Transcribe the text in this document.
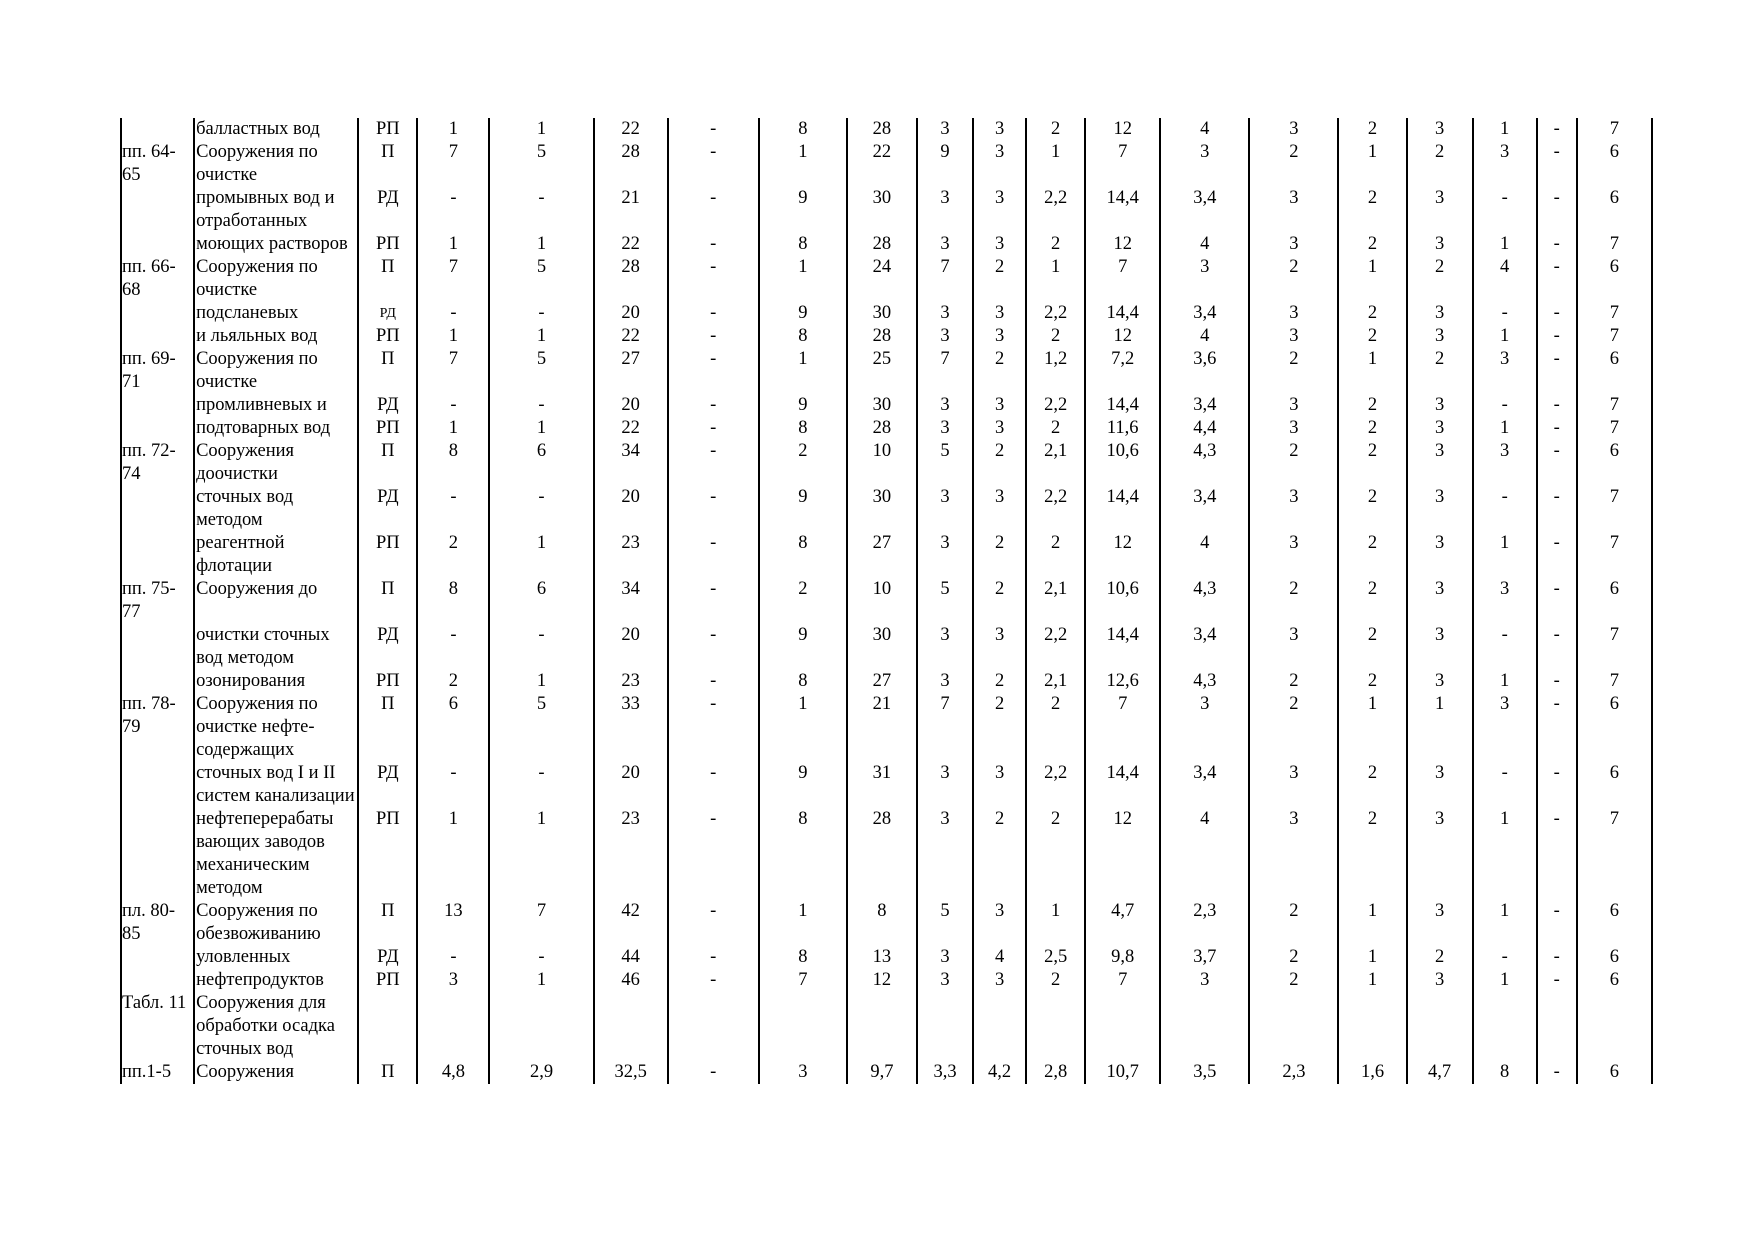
	балластных вод	РП	1	1	22	-	8	28	3	3	2	12	4	3	2	3	1	-	7
пп. 64-65	Сооружения по очистке	П	7	5	28	-	1	22	9	3	1	7	3	2	1	2	3	-	6
	промывных вод и отработанных	РД	-	-	21	-	9	30	3	3	2,2	14,4	3,4	3	2	3	-	-	6
	моющих растворов	РП	1	1	22	-	8	28	3	3	2	12	4	3	2	3	1	-	7
пп. 66-68	Сооружения по очистке	П	7	5	28	-	1	24	7	2	1	7	3	2	1	2	4	-	6
	подсланевых	РД	-	-	20	-	9	30	3	3	2,2	14,4	3,4	3	2	3	-	-	7
	и льяльных вод	РП	1	1	22	-	8	28	3	3	2	12	4	3	2	3	1	-	7
пп. 69-71	Сооружения по очистке	П	7	5	27	-	1	25	7	2	1,2	7,2	3,6	2	1	2	3	-	6
	промливневых и	РД	-	-	20	-	9	30	3	3	2,2	14,4	3,4	3	2	3	-	-	7
	подтоварных вод	РП	1	1	22	-	8	28	3	3	2	11,6	4,4	3	2	3	1	-	7
пп. 72-74	Сооружения доочистки	П	8	6	34	-	2	10	5	2	2,1	10,6	4,3	2	2	3	3	-	6
	сточных вод методом	РД	-	-	20	-	9	30	3	3	2,2	14,4	3,4	3	2	3	-	-	7
	реагентной флотации	РП	2	1	23	-	8	27	3	2	2	12	4	3	2	3	1	-	7
пп. 75-77	Сооружения до	П	8	6	34	-	2	10	5	2	2,1	10,6	4,3	2	2	3	3	-	6
	очистки сточных вод методом	РД	-	-	20	-	9	30	3	3	2,2	14,4	3,4	3	2	3	-	-	7
	озонирования	РП	2	1	23	-	8	27	3	2	2,1	12,6	4,3	2	2	3	1	-	7
пп. 78-79	Сооружения по очистке нефте-содержащих	П	6	5	33	-	1	21	7	2	2	7	3	2	1	1	3	-	6
	сточных вод I и II систем канализации	РД	-	-	20	-	9	31	3	3	2,2	14,4	3,4	3	2	3	-	-	6
	нефтеперерабаты вающих заводов механическим методом	РП	1	1	23	-	8	28	3	2	2	12	4	3	2	3	1	-	7
пл. 80-85	Сооружения по обезвоживанию	П	13	7	42	-	1	8	5	3	1	4,7	2,3	2	1	3	1	-	6
	уловленных	РД	-	-	44	-	8	13	3	4	2,5	9,8	3,7	2	1	2	-	-	6
	нефтепродуктов	РП	3	1	46	-	7	12	3	3	2	7	3	2	1	3	1	-	6
Табл. 11	Сооружения для обработки осадка сточных вод																		
пп.1-5	Сооружения	П	4,8	2,9	32,5	-	3	9,7	3,3	4,2	2,8	10,7	3,5	2,3	1,6	4,7	8	-	6
